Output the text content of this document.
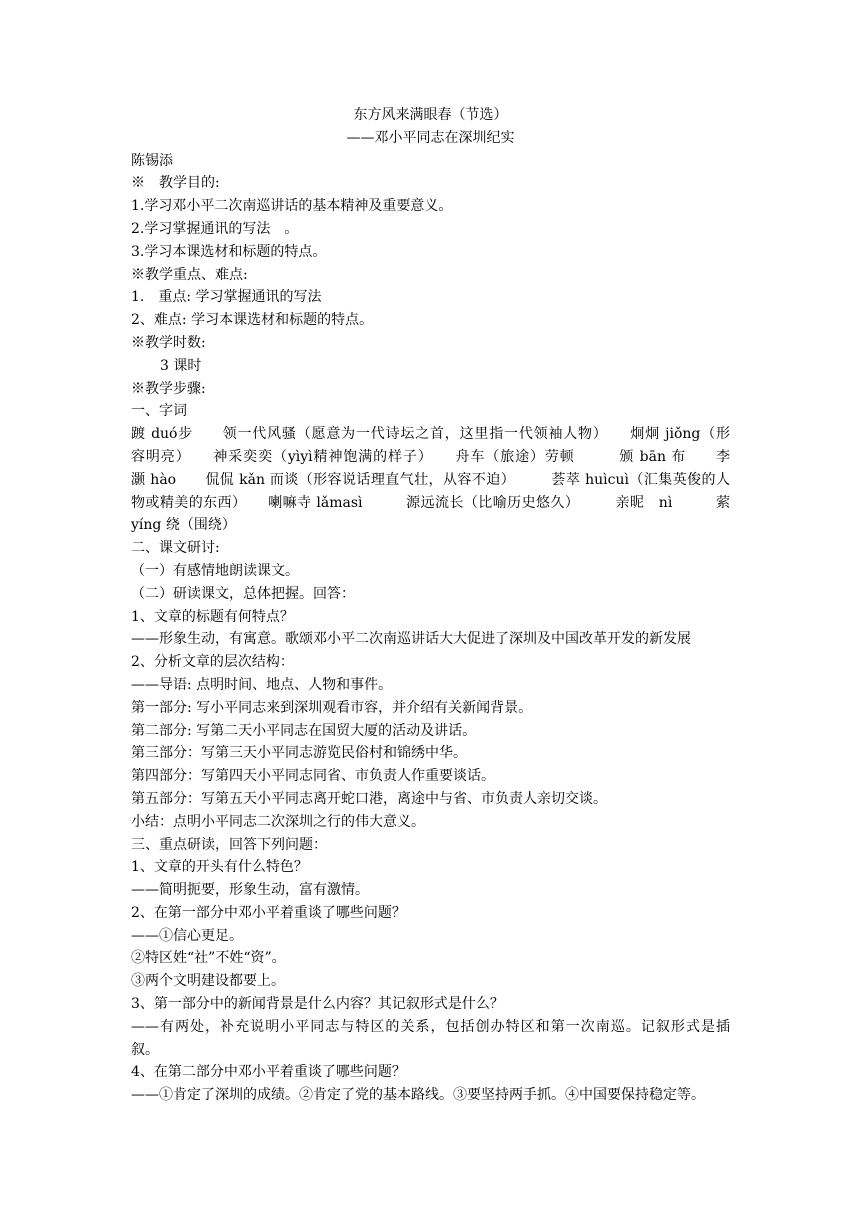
东方风来满眼春（节选）

——邓小平同志在深圳纪实

陈锡添

※　教学目的:

1.学习邓小平二次南巡讲话的基本精神及重要意义。

2.学习掌握通讯的写法　。

3.学习本课选材和标题的特点。

※教学重点、难点:

1.　重点: 学习掌握通讯的写法

2、难点: 学习本课选材和标题的特点。

※教学时数:

3 课时

※教学步骤:

一、字词

踱 duó步　　领一代风骚（愿意为一代诗坛之首，这里指一代领袖人物）　　炯炯 jiǒng（形

容明亮）　　神采奕奕（yìyì精神饱满的样子）　　舟车（旅途）劳顿　　　颁 bān 布　　李

灏 hào　　侃侃 kǎn 而谈（形容说话理直气壮，从容不迫）　　　荟萃 huìcuì（汇集英俊的人

物或精美的东西）　　喇嘛寺 lǎmasì　　　源远流长（比喻历史悠久）　　　亲昵　nì　　　萦

yíng 绕（围绕）

二、课文研讨:

（一）有感情地朗读课文。

（二）研读课文，总体把握。回答：

1、文章的标题有何特点？

——形象生动，有寓意。歌颂邓小平二次南巡讲话大大促进了深圳及中国改革开发的新发展

2、分析文章的层次结构：

——导语: 点明时间、地点、人物和事件。

第一部分: 写小平同志来到深圳观看市容，并介绍有关新闻背景。

第二部分: 写第二天小平同志在国贸大厦的活动及讲话。

第三部分：写第三天小平同志游览民俗村和锦绣中华。

第四部分：写第四天小平同志同省、市负责人作重要谈话。

第五部分：写第五天小平同志离开蛇口港，离途中与省、市负责人亲切交谈。

小结：点明小平同志二次深圳之行的伟大意义。

三、重点研读，回答下列问题：

1、文章的开头有什么特色？

——简明扼要，形象生动，富有激情。

2、在第一部分中邓小平着重谈了哪些问题？

——①信心更足。

②特区姓“社”不姓“资”。

③两个文明建设都要上。

3、第一部分中的新闻背景是什么内容？其记叙形式是什么？

——有两处，补充说明小平同志与特区的关系，包括创办特区和第一次南巡。记叙形式是插

叙。

4、在第二部分中邓小平着重谈了哪些问题？

——①肯定了深圳的成绩。②肯定了党的基本路线。③要坚持两手抓。④中国要保持稳定等。
